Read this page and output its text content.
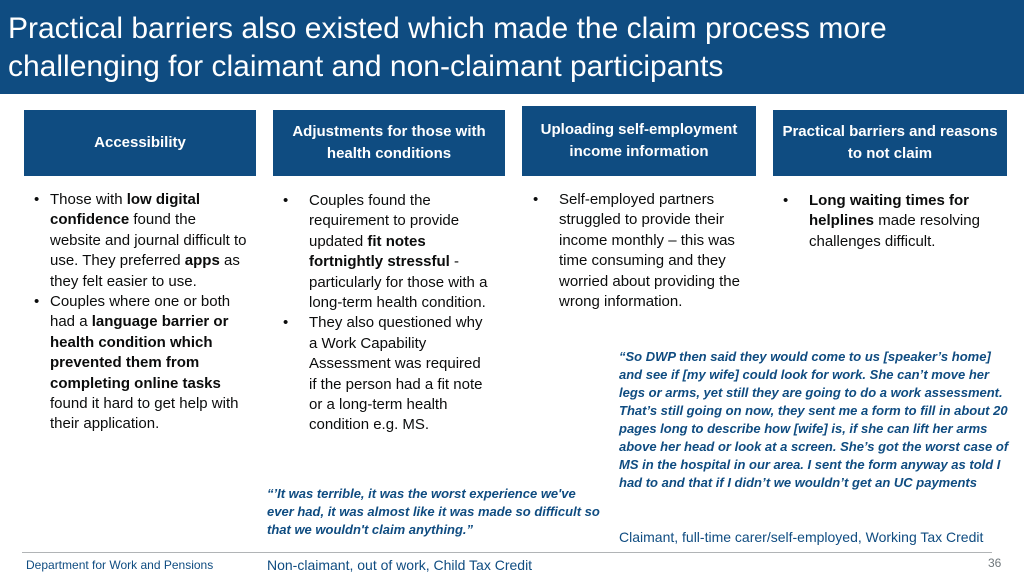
Practical barriers also existed which made the claim process more challenging for claimant and non-claimant participants
Accessibility
Adjustments for those with health conditions
Uploading self-employment income information
Practical barriers and reasons to not claim
• Those with low digital confidence found the website and journal difficult to use. They preferred apps as they felt easier to use.
• Couples where one or both had a language barrier or health condition which prevented them from completing online tasks found it hard to get help with their application.
• Couples found the requirement to provide updated fit notes fortnightly stressful - particularly for those with a long-term health condition.
• They also questioned why a Work Capability Assessment was required if the person had a fit note or a long-term health condition e.g. MS.
• Self-employed partners struggled to provide their income monthly – this was time consuming and they worried about providing the wrong information.
• Long waiting times for helplines made resolving challenges difficult.
“’It was terrible, it was the worst experience we've ever had, it was almost like it was made so difficult so that we wouldn't claim anything.”
Non-claimant, out of work, Child Tax Credit
“So DWP then said they would come to us [speaker’s home] and see if [my wife] could look for work. She can’t move her legs or arms, yet still they are going to do a work assessment. That’s still going on now, they sent me a form to fill in about 20 pages long to describe how [wife] is, if she can lift her arms above her head or look at a screen. She’s got the worst case of MS in the hospital in our area. I sent the form anyway as told I had to and that if I didn’t we wouldn’t get an UC payments
Claimant, full-time carer/self-employed, Working Tax Credit
Department for Work and Pensions	36
